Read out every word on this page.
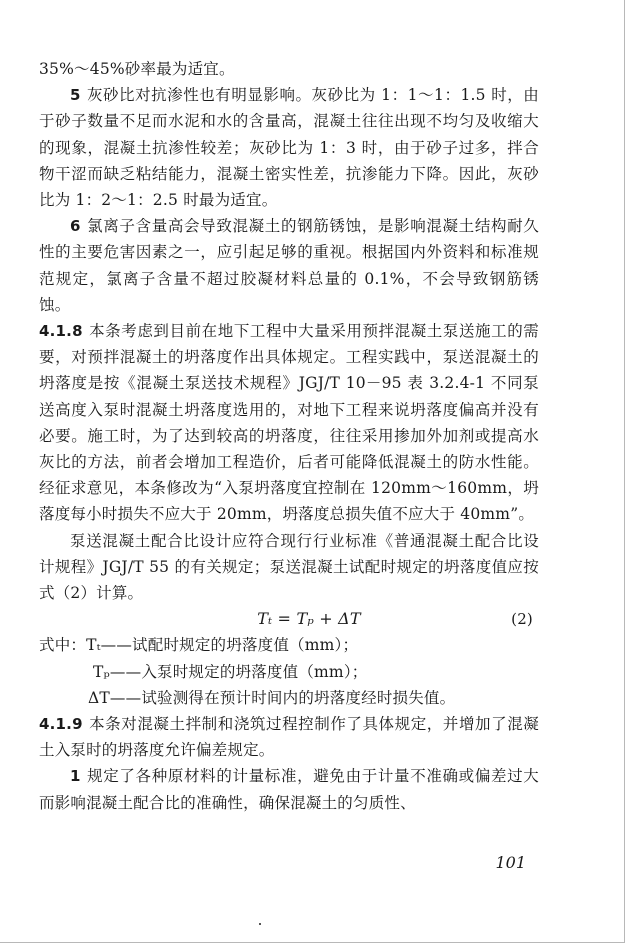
35%～45%砂率最为适宜。

5 灰砂比对抗渗性也有明显影响。灰砂比为 1：1～1：1.5 时，由于砂子数量不足而水泥和水的含量高，混凝土往往出现不均匀及收缩大的现象，混凝土抗渗性较差；灰砂比为 1：3 时，由于砂子过多，拌合物干涩而缺乏粘结能力，混凝土密实性差，抗渗能力下降。因此，灰砂比为 1：2～1：2.5 时最为适宜。

6 氯离子含量高会导致混凝土的钢筋锈蚀，是影响混凝土结构耐久性的主要危害因素之一，应引起足够的重视。根据国内外资料和标准规范规定，氯离子含量不超过胶凝材料总量的 0.1%，不会导致钢筋锈蚀。

4.1.8 本条考虑到目前在地下工程中大量采用预拌混凝土泵送施工的需要，对预拌混凝土的坍落度作出具体规定。工程实践中，泵送混凝土的坍落度是按《混凝土泵送技术规程》JGJ/T 10－95 表 3.2.4-1 不同泵送高度入泵时混凝土坍落度选用的，对地下工程来说坍落度偏高并没有必要。施工时，为了达到较高的坍落度，往往采用掺加外加剂或提高水灰比的方法，前者会增加工程造价，后者可能降低混凝土的防水性能。经征求意见，本条修改为“入泵坍落度宜控制在 120mm～160mm，坍落度每小时损失不应大于 20mm，坍落度总损失值不应大于 40mm”。

泵送混凝土配合比设计应符合现行行业标准《普通混凝土配合比设计规程》JGJ/T 55 的有关规定；泵送混凝土试配时规定的坍落度值应按式（2）计算。

Tₜ = Tₚ + ΔT	(2)

式中：Tₜ——试配时规定的坍落度值（mm）；

Tₚ——入泵时规定的坍落度值（mm）；

ΔT——试验测得在预计时间内的坍落度经时损失值。

4.1.9 本条对混凝土拌制和浇筑过程控制作了具体规定，并增加了混凝土入泵时的坍落度允许偏差规定。

1 规定了各种原材料的计量标准，避免由于计量不准确或偏差过大而影响混凝土配合比的准确性，确保混凝土的匀质性、

101
